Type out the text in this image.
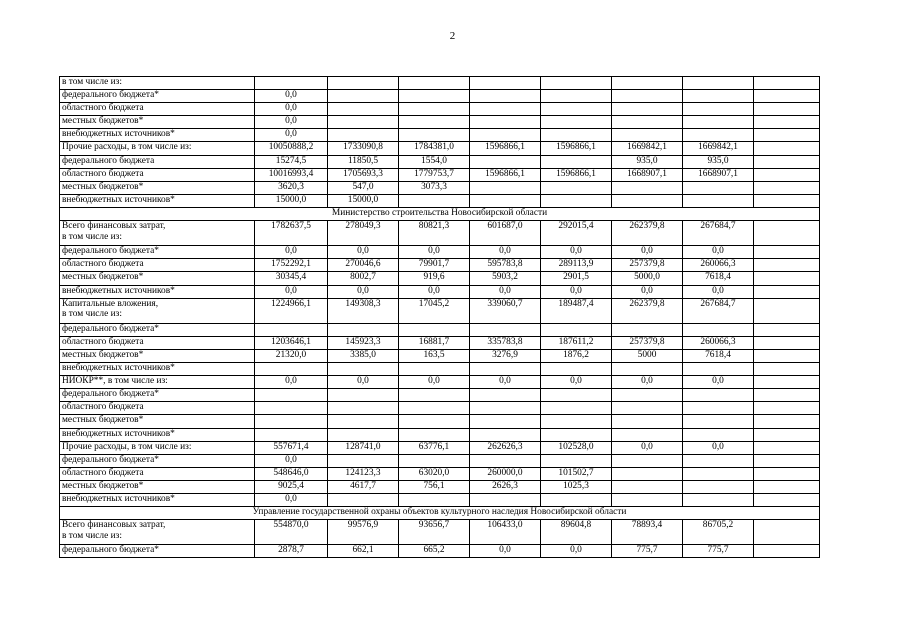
2
в том числе из:								

федерального бюджета*	0,0							

областного бюджета	0,0							

местных бюджетов*	0,0							

внебюджетных источников*	0,0							

Прочие расходы, в том числе из:	10050888,2	1733090,8	1784381,0	1596866,1	1596866,1	1669842,1	1669842,1	

федерального бюджета	15274,5	11850,5	1554,0			935,0	935,0	

областного бюджета	10016993,4	1705693,3	1779753,7	1596866,1	1596866,1	1668907,1	1668907,1	

местных бюджетов*	3620,3	547,0	3073,3					

внебюджетных источников*	15000,0	15000,0						
Министерство строительства Новосибирской области								

Всего финансовых затрат,
в том числе из:	1782637,5	278049,3	80821,3	601687,0	292015,4	262379,8	267684,7	

федерального бюджета*	0,0	0,0	0,0	0,0	0,0	0,0	0,0	

областного бюджета	1752292,1	270046,6	79901,7	595783,8	289113,9	257379,8	260066,3	

местных бюджетов*	30345,4	8002,7	919,6	5903,2	2901,5	5000,0	7618,4	

внебюджетных источников*	0,0	0,0	0,0	0,0	0,0	0,0	0,0	

Капитальные вложения,
в том числе из:	1224966,1	149308,3	17045,2	339060,7	189487,4	262379,8	267684,7	

федерального бюджета*								

областного бюджета	1203646,1	145923,3	16881,7	335783,8	187611,2	257379,8	260066,3	

местных бюджетов*	21320,0	3385,0	163,5	3276,9	1876,2	5000	7618,4	

внебюджетных источников*								

НИОКР**, в том числе из:	0,0	0,0	0,0	0,0	0,0	0,0	0,0	

федерального бюджета*								

областного бюджета								

местных бюджетов*								

внебюджетных источников*								

Прочие расходы, в том числе из:	557671,4	128741,0	63776,1	262626,3	102528,0	0,0	0,0	

федерального бюджета*	0,0							

областного бюджета	548646,0	124123,3	63020,0	260000,0	101502,7			

местных бюджетов*	9025,4	4617,7	756,1	2626,3	1025,3			

внебюджетных источников*	0,0							
Управление государственной охраны объектов культурного наследия Новосибирской области								

Всего финансовых затрат,
в том числе из:	554870,0	99576,9	93656,7	106433,0	89604,8	78893,4	86705,2	

федерального бюджета*	2878,7	662,1	665,2	0,0	0,0	775,7	775,7	
